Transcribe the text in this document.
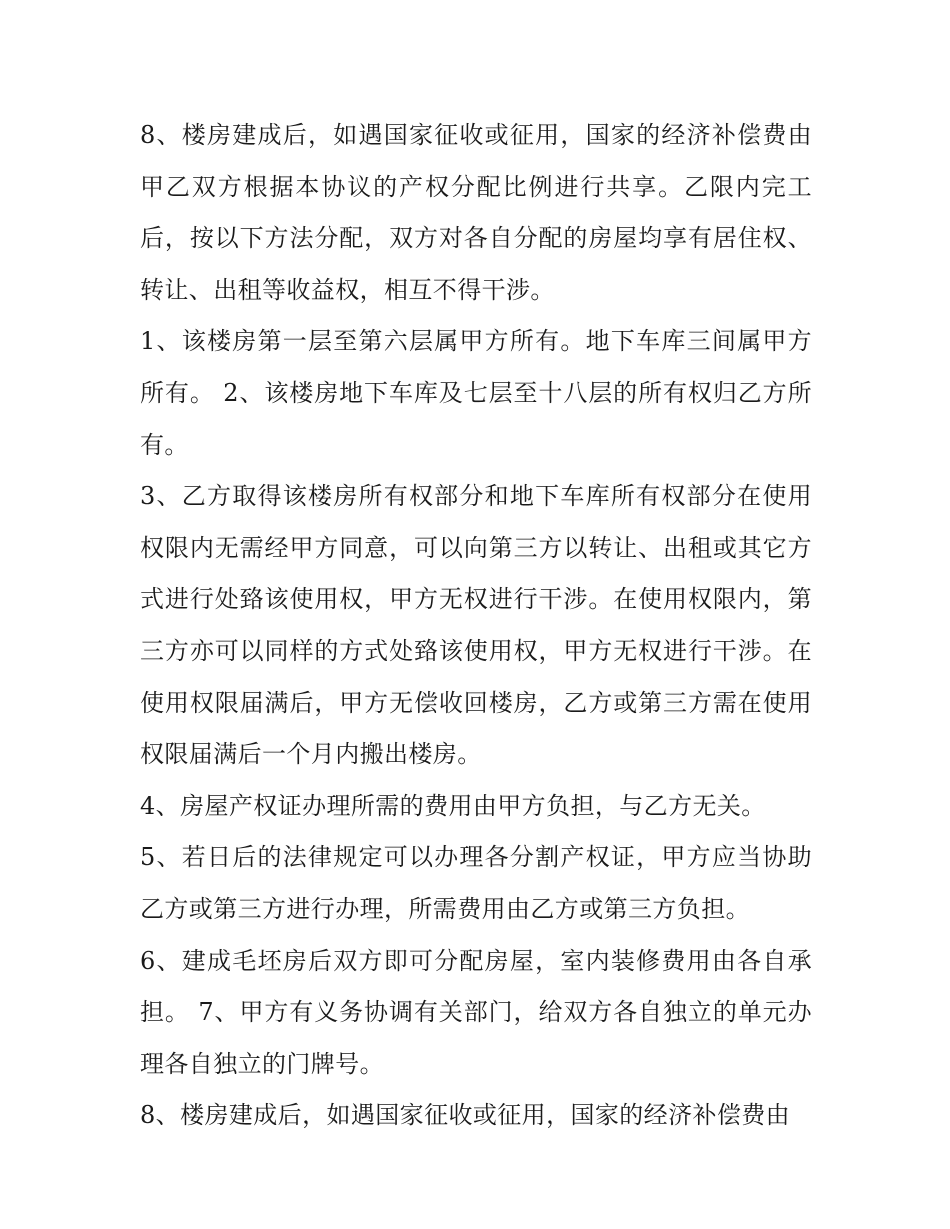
8、楼房建成后，如遇国家征收或征用，国家的经济补偿费由甲乙双方根据本协议的产权分配比例进行共享。乙限内完工后，按以下方法分配，双方对各自分配的房屋均享有居住权、转让、出租等收益权，相互不得干涉。

1、该楼房第一层至第六层属甲方所有。地下车库三间属甲方所有。 2、该楼房地下车库及七层至十八层的所有权归乙方所有。

3、乙方取得该楼房所有权部分和地下车库所有权部分在使用权限内无需经甲方同意，可以向第三方以转让、出租或其它方式进行处臵该使用权，甲方无权进行干涉。在使用权限内，第三方亦可以同样的方式处臵该使用权，甲方无权进行干涉。在使用权限届满后，甲方无偿收回楼房，乙方或第三方需在使用权限届满后一个月内搬出楼房。

4、房屋产权证办理所需的费用由甲方负担，与乙方无关。

5、若日后的法律规定可以办理各分割产权证，甲方应当协助乙方或第三方进行办理，所需费用由乙方或第三方负担。

6、建成毛坯房后双方即可分配房屋，室内装修费用由各自承担。 7、甲方有义务协调有关部门，给双方各自独立的单元办理各自独立的门牌号。

8、楼房建成后，如遇国家征收或征用，国家的经济补偿费由
